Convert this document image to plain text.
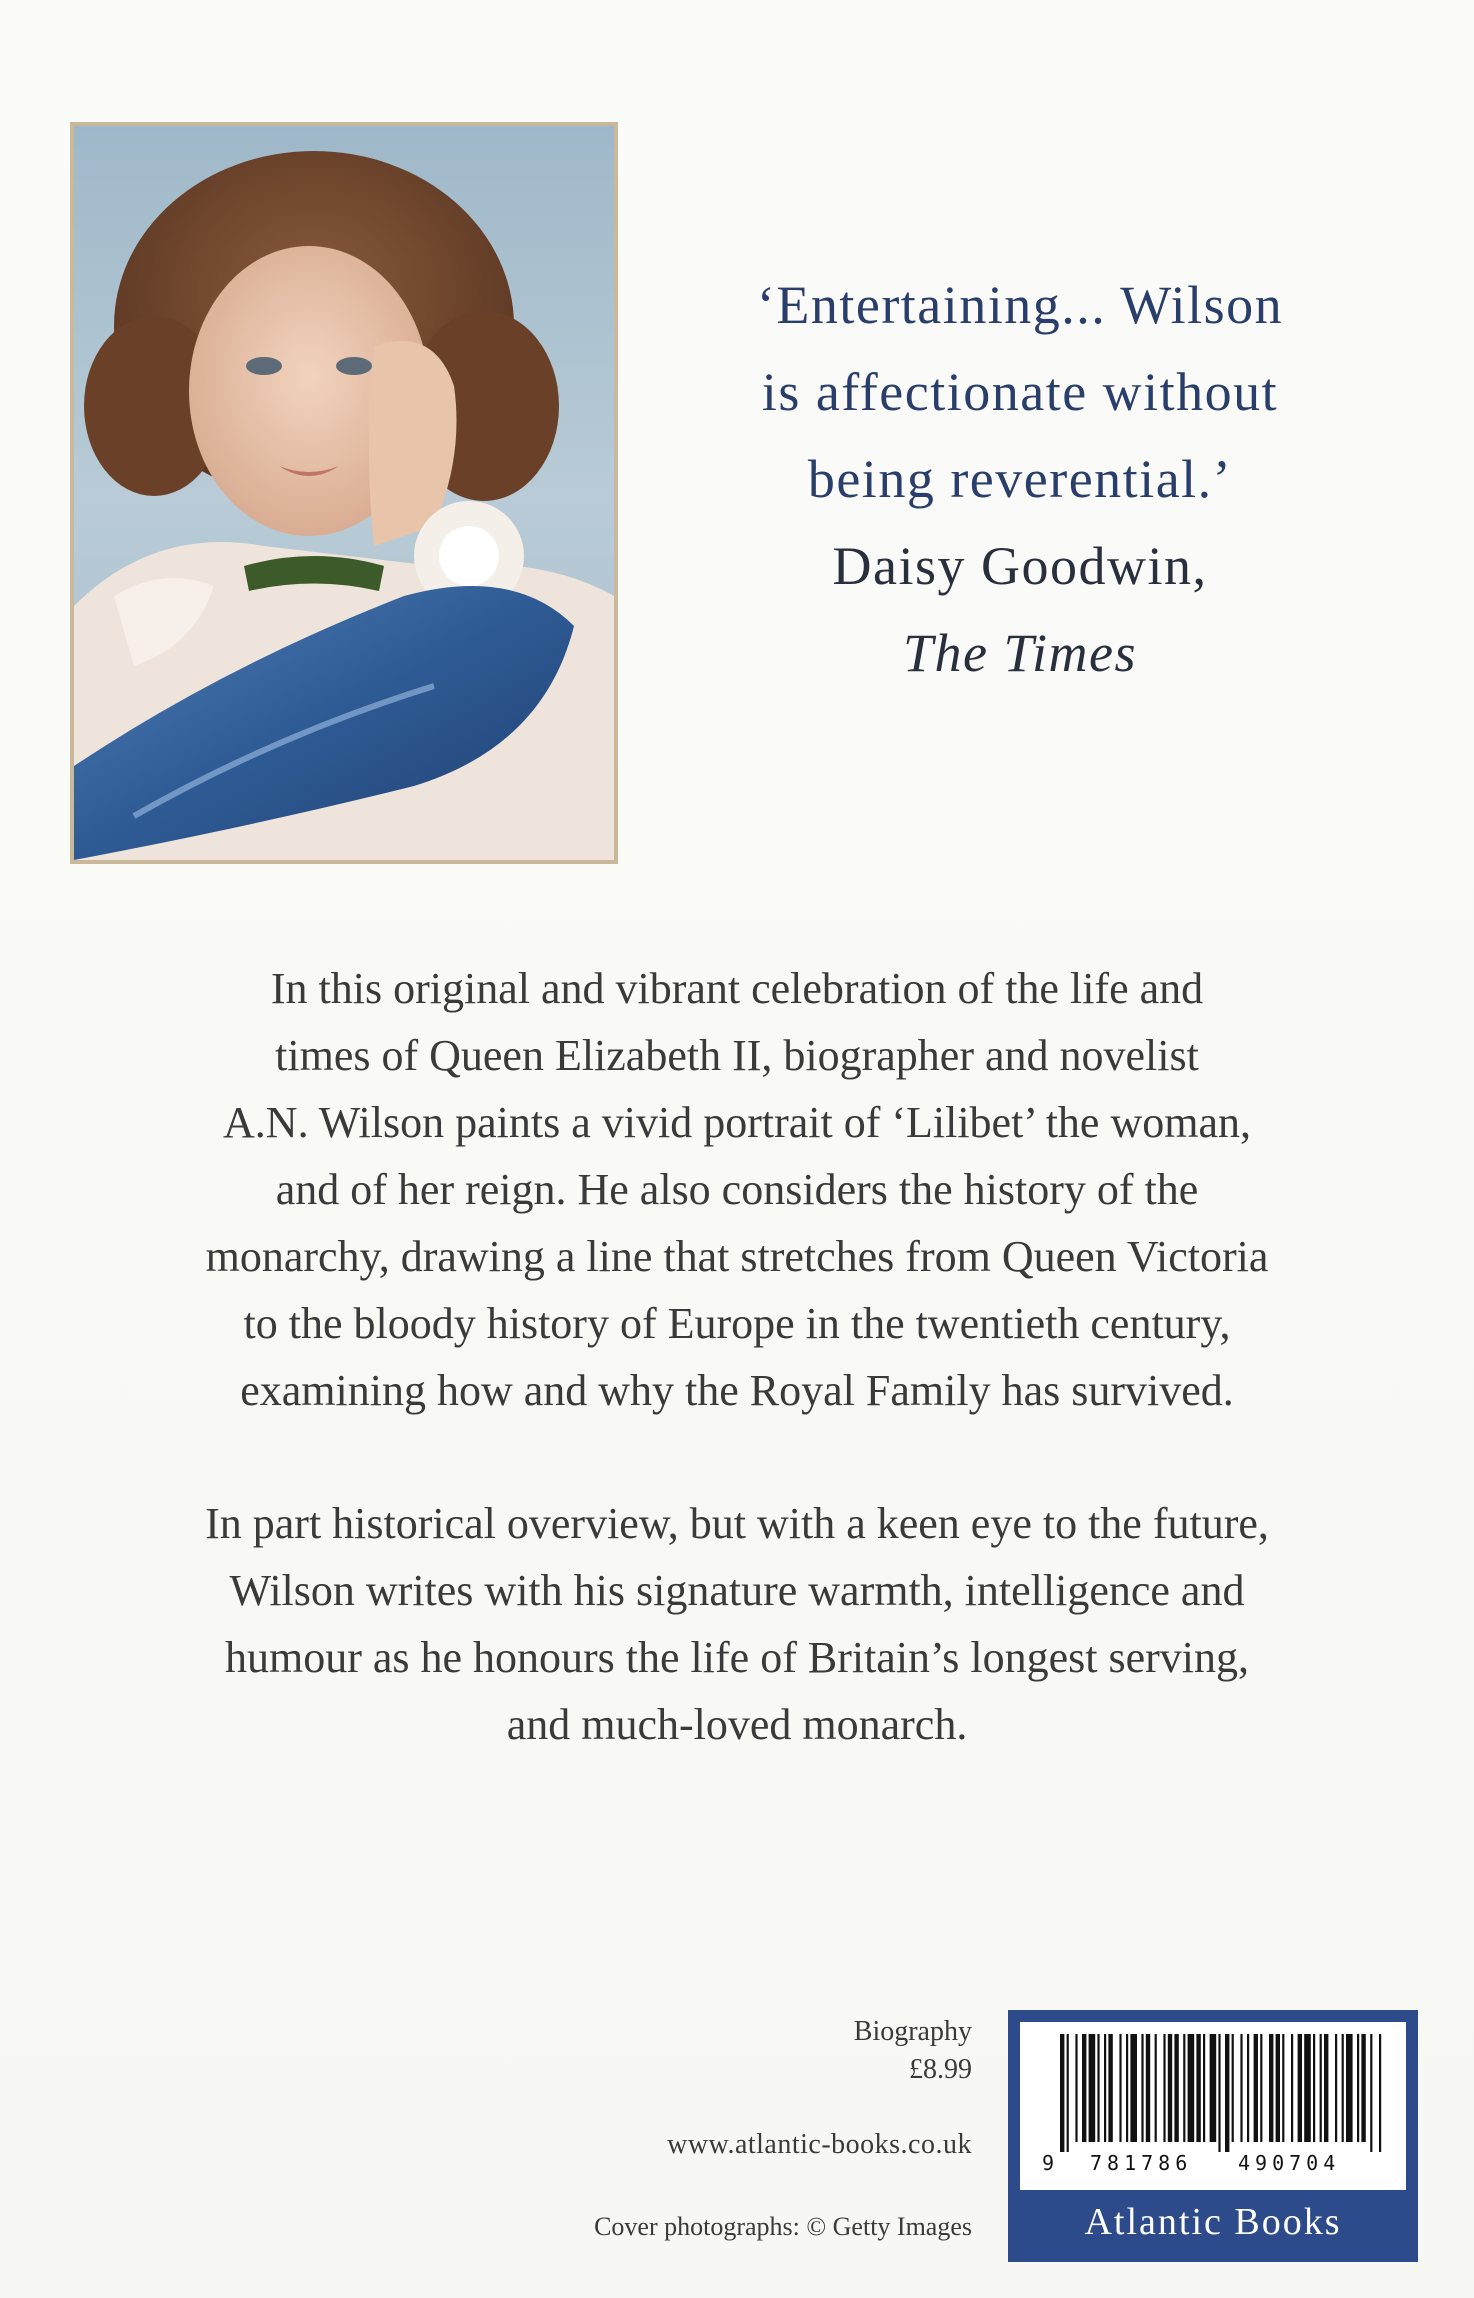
‘Entertaining... Wilson
is affectionate without
being reverential.’
Daisy Goodwin,
The Times
In this original and vibrant celebration of the life and
times of Queen Elizabeth II, biographer and novelist
A.N. Wilson paints a vivid portrait of ‘Lilibet’ the woman,
and of her reign. He also considers the history of the
monarchy, drawing a line that stretches from Queen Victoria
to the bloody history of Europe in the twentieth century,
examining how and why the Royal Family has survived.
In part historical overview, but with a keen eye to the future,
Wilson writes with his signature warmth, intelligence and
humour as he honours the life of Britain’s longest serving,
and much-loved monarch.
Biography
£8.99
www.atlantic-books.co.uk
Cover photographs: © Getty Images
9 781786 490704
Atlantic Books
